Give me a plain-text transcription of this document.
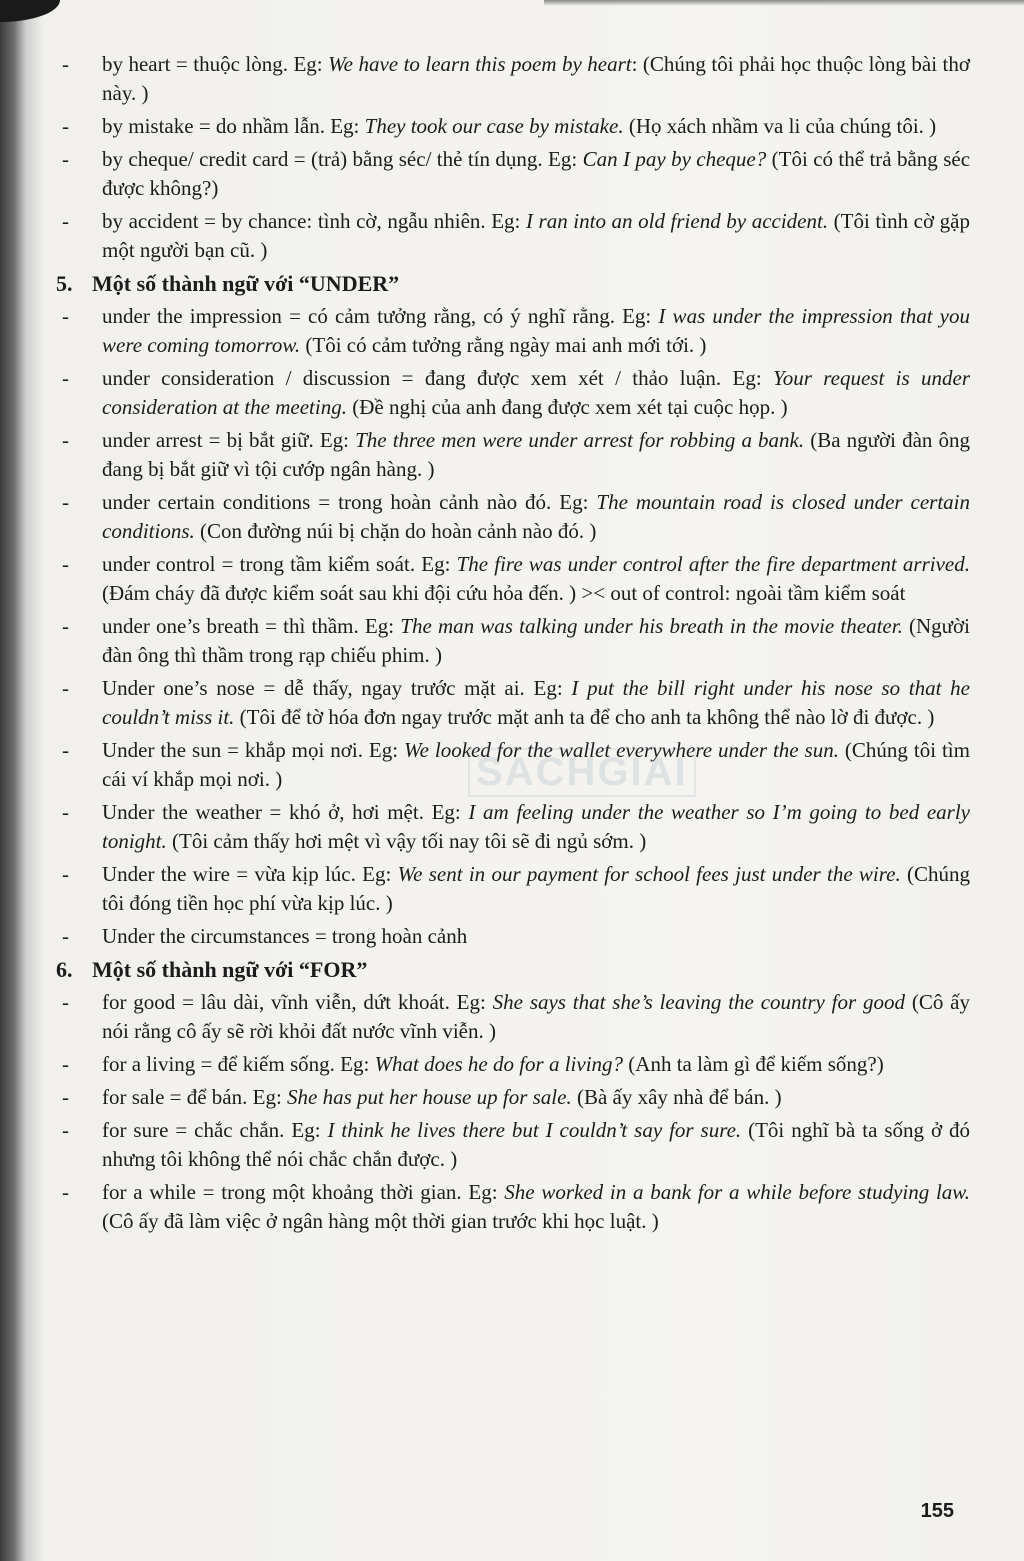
- by heart = thuộc lòng. Eg: We have to learn this poem by heart: (Chúng tôi phải học thuộc lòng bài thơ này. )
- by mistake = do nhầm lẫn. Eg: They took our case by mistake. (Họ xách nhầm va li của chúng tôi. )
- by cheque/ credit card = (trả) bằng séc/ thẻ tín dụng. Eg: Can I pay by cheque? (Tôi có thể trả bằng séc được không?)
- by accident = by chance: tình cờ, ngẫu nhiên. Eg: I ran into an old friend by accident. (Tôi tình cờ gặp một người bạn cũ. )
5. Một số thành ngữ với “UNDER”
- under the impression = có cảm tưởng rằng, có ý nghĩ rằng. Eg: I was under the impression that you were coming tomorrow. (Tôi có cảm tưởng rằng ngày mai anh mới tới. )
- under consideration / discussion = đang được xem xét / thảo luận. Eg: Your request is under consideration at the meeting. (Đề nghị của anh đang được xem xét tại cuộc họp. )
- under arrest = bị bắt giữ. Eg: The three men were under arrest for robbing a bank. (Ba người đàn ông đang bị bắt giữ vì tội cướp ngân hàng. )
- under certain conditions = trong hoàn cảnh nào đó. Eg: The mountain road is closed under certain conditions. (Con đường núi bị chặn do hoàn cảnh nào đó. )
- under control = trong tầm kiểm soát. Eg: The fire was under control after the fire department arrived. (Đám cháy đã được kiểm soát sau khi đội cứu hỏa đến. ) >< out of control: ngoài tầm kiểm soát
- under one’s breath = thì thầm. Eg: The man was talking under his breath in the movie theater. (Người đàn ông thì thầm trong rạp chiếu phim. )
- Under one’s nose = dễ thấy, ngay trước mặt ai. Eg: I put the bill right under his nose so that he couldn’t miss it. (Tôi để tờ hóa đơn ngay trước mặt anh ta để cho anh ta không thể nào lờ đi được. )
- Under the sun = khắp mọi nơi. Eg: We looked for the wallet everywhere under the sun. (Chúng tôi tìm cái ví khắp mọi nơi. )
- Under the weather = khó ở, hơi mệt. Eg: I am feeling under the weather so I’m going to bed early tonight. (Tôi cảm thấy hơi mệt vì vậy tối nay tôi sẽ đi ngủ sớm. )
- Under the wire = vừa kịp lúc. Eg: We sent in our payment for school fees just under the wire. (Chúng tôi đóng tiền học phí vừa kịp lúc. )
- Under the circumstances = trong hoàn cảnh
6. Một số thành ngữ với “FOR”
- for good = lâu dài, vĩnh viễn, dứt khoát. Eg: She says that she’s leaving the country for good (Cô ấy nói rằng cô ấy sẽ rời khỏi đất nước vĩnh viễn. )
- for a living = để kiếm sống. Eg: What does he do for a living? (Anh ta làm gì để kiếm sống?)
- for sale = để bán. Eg: She has put her house up for sale. (Bà ấy xây nhà để bán. )
- for sure = chắc chắn. Eg: I think he lives there but I couldn’t say for sure. (Tôi nghĩ bà ta sống ở đó nhưng tôi không thể nói chắc chắn được. )
- for a while = trong một khoảng thời gian. Eg: She worked in a bank for a while before studying law. (Cô ấy đã làm việc ở ngân hàng một thời gian trước khi học luật. )
SACHGIAI
155
